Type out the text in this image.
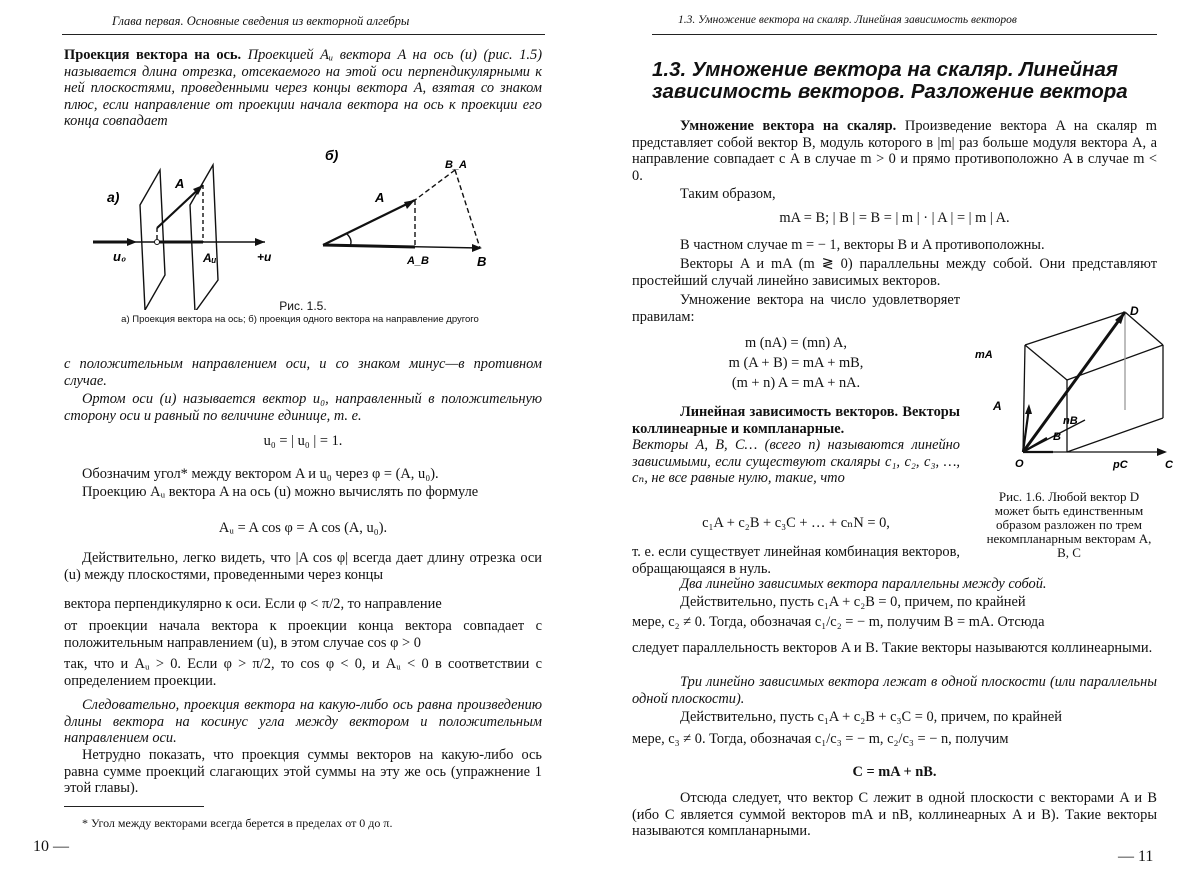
Глава первая. Основные сведения из векторной алгебры
Проекция вектора на ось. Проекцией Aᵤ вектора A на ось (u) (рис. 1.5) называется длина отрезка, отсекаемого на этой оси перпендикулярными к ней плоскостями, проведенными через концы вектора A, взятая со знаком плюс, если направление от проекции начала вектора на ось к проекции его конца совпадает
а)
A
u₀	Aᵤ	+u
б)
A
A_B	B
B_A
Рис. 1.5.
а) Проекция вектора на ось; б) проекция одного вектора на направление другого
с положительным направлением оси, и со знаком минус—в противном случае.
Ортом оси (u) называется вектор u₀, направленный в положительную сторону оси и равный по величине единице, т. е.
u₀ = | u₀ | = 1.
Обозначим угол* между вектором A и u₀ через φ = (A, u₀).
Проекцию Aᵤ вектора A на ось (u) можно вычислять по формуле
Aᵤ = A cos φ = A cos (A, u₀).
Действительно, легко видеть, что |A cos φ| всегда дает длину отрезка оси (u) между плоскостями, проведенными через концы
вектора перпендикулярно к оси. Если φ < π/2, то направление
от проекции начала вектора к проекции конца вектора совпадает с положительным направлением (u), в этом случае cos φ > 0
так, что и Aᵤ > 0. Если φ > π/2, то cos φ < 0, и Aᵤ < 0 в соответствии с определением проекции.
Следовательно, проекция вектора на какую-либо ось равна произведению длины вектора на косинус угла между вектором и положительным направлением оси.
Нетрудно показать, что проекция суммы векторов на какую-либо ось равна сумме проекций слагающих этой суммы на эту же ось (упражнение 1 этой главы).
* Угол между векторами всегда берется в пределах от 0 до π.
10 —
1.3. Умножение вектора на скаляр. Линейная зависимость векторов
1.3. Умножение вектора на скаляр. Линейная
зависимость векторов. Разложение вектора
Умножение вектора на скаляр. Произведение вектора A на скаляр m представляет собой вектор B, модуль которого в |m| раз больше модуля вектора A, а направление совпадает с A в случае m > 0 и прямо противоположно A в случае m < 0.
Таким образом,
mA = B; | B | = B = | m | · | A | = | m | A.
В частном случае m = − 1, векторы B и A противоположны.
Векторы A и mA (m ≷ 0) параллельны между собой. Они представляют простейший случай линейно зависимых векторов.
Умножение вектора на число удовлетворяет правилам:
m (nA) = (mn) A,
m (A + B) = mA + mB,
(m + n) A = mA + nA.
Линейная зависимость векторов. Векторы коллинеарные и компланарные.
Векторы A, B, C… (всего n) называются линейно зависимыми, если существуют скаляры c₁, c₂, c₃, …, cₙ, не все равные нулю, такие, что
c₁A + c₂B + c₃C + … + cₙN = 0,
т. е. если существует линейная комбинация векторов, обращающаяся в нуль.
D
mA
A
nB
B
O	pC	C
Рис. 1.6. Любой вектор D может быть единственным образом разложен по трем некомпланарным векторам A, B, C
Два линейно зависимых вектора параллельны между собой.
Действительно, пусть c₁A + c₂B = 0, причем, по крайней
мере, c₂ ≠ 0. Тогда, обозначая c₁/c₂ = − m, получим B = mA. Отсюда
следует параллельность векторов A и B. Такие векторы называются коллинеарными.
Три линейно зависимых вектора лежат в одной плоскости (или параллельны одной плоскости).
Действительно, пусть c₁A + c₂B + c₃C = 0, причем, по крайней
мере, c₃ ≠ 0. Тогда, обозначая c₁/c₃ = − m, c₂/c₃ = − n, получим
C = mA + nB.
Отсюда следует, что вектор C лежит в одной плоскости с векторами A и B (ибо C является суммой векторов mA и nB, коллинеарных A и B). Такие векторы называются компланарными.
— 11
